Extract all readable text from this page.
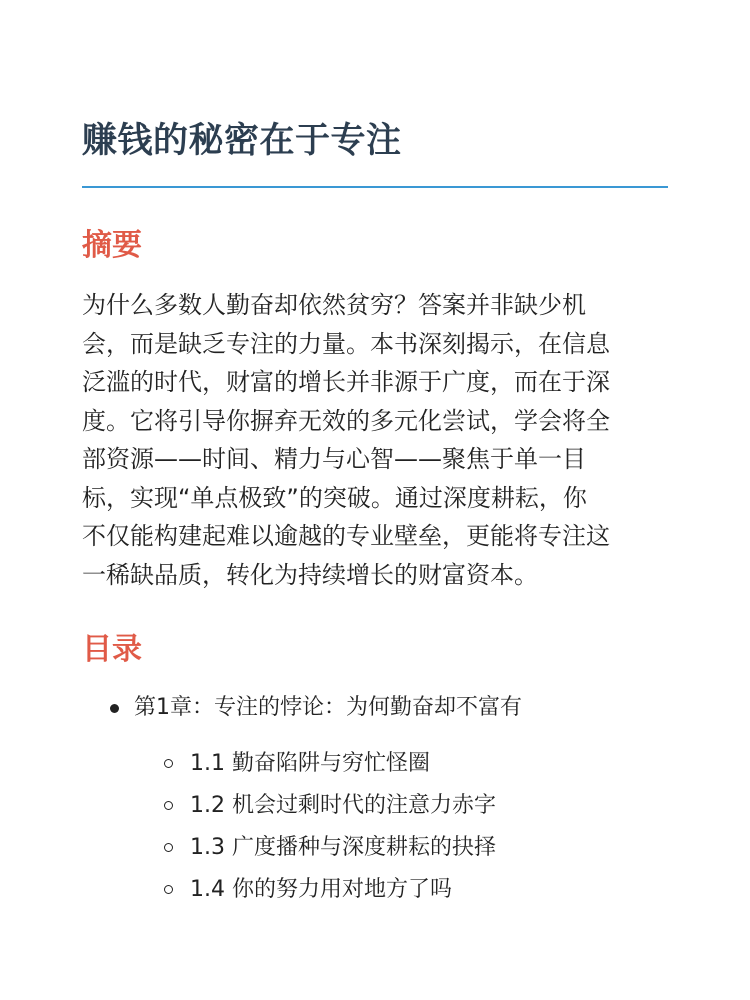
赚钱的秘密在于专注
摘要
为什么多数人勤奋却依然贫穷？答案并非缺少机
会，而是缺乏专注的力量。本书深刻揭示，在信息
泛滥的时代，财富的增长并非源于广度，而在于深
度。它将引导你摒弃无效的多元化尝试，学会将全
部资源——时间、精力与心智——聚焦于单一目
标，实现“单点极致”的突破。通过深度耕耘，你
不仅能构建起难以逾越的专业壁垒，更能将专注这
一稀缺品质，转化为持续增长的财富资本。
目录
第1章：专注的悖论：为何勤奋却不富有
1.1 勤奋陷阱与穷忙怪圈
1.2 机会过剩时代的注意力赤字
1.3 广度播种与深度耕耘的抉择
1.4 你的努力用对地方了吗
